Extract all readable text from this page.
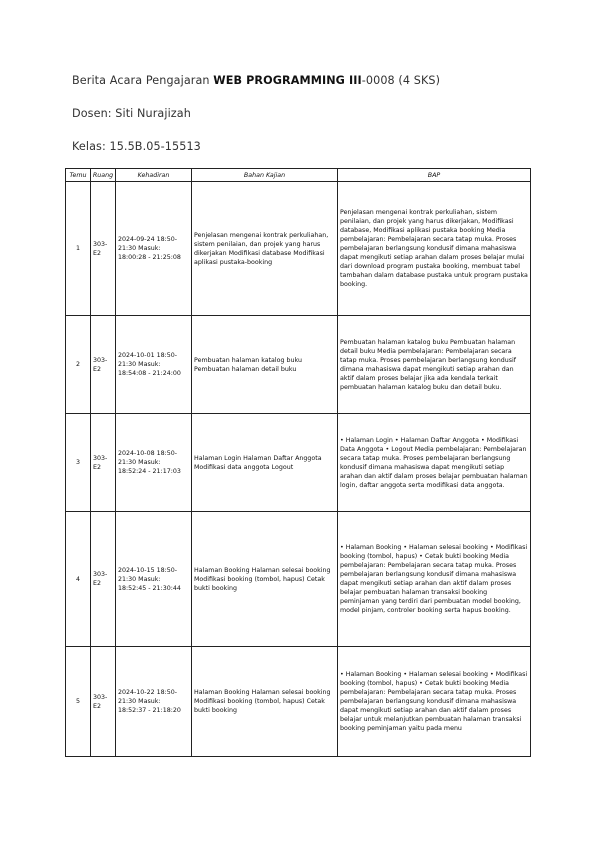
Berita Acara Pengajaran WEB PROGRAMMING III-0008 (4 SKS)
Dosen: Siti Nurajizah
Kelas: 15.5B.05-15513
Temu	Ruang	Kehadiran	Bahan Kajian	BAP
1	303-E2	2024-09-24 18:50-21:30 Masuk: 18:00:28 - 21:25:08	Penjelasan mengenai kontrak perkuliahan, sistem penilaian, dan projek yang harus dikerjakan Modifikasi database Modifikasi aplikasi pustaka-booking	Penjelasan mengenai kontrak perkuliahan, sistem penilaian, dan projek yang harus dikerjakan, Modifikasi database, Modifikasi aplikasi pustaka booking Media pembelajaran: Pembelajaran secara tatap muka. Proses pembelajaran berlangsung kondusif dimana mahasiswa dapat mengikuti setiap arahan dalam proses belajar mulai dari download program pustaka booking, membuat tabel tambahan dalam database pustaka untuk program pustaka booking.
2	303-E2	2024-10-01 18:50-21:30 Masuk: 18:54:08 - 21:24:00	Pembuatan halaman katalog buku Pembuatan halaman detail buku	Pembuatan halaman katalog buku Pembuatan halaman detail buku Media pembelajaran: Pembelajaran secara tatap muka. Proses pembelajaran berlangsung kondusif dimana mahasiswa dapat mengikuti setiap arahan dan aktif dalam proses belajar jika ada kendala terkait pembuatan halaman katalog buku dan detail buku.
3	303-E2	2024-10-08 18:50-21:30 Masuk: 18:52:24 - 21:17:03	Halaman Login Halaman Daftar Anggota Modifikasi data anggota Logout	• Halaman Login • Halaman Daftar Anggota • Modifikasi Data Anggota • Logout Media pembelajaran: Pembelajaran secara tatap muka. Proses pembelajaran berlangsung kondusif dimana mahasiswa dapat mengikuti setiap arahan dan aktif dalam proses belajar pembuatan halaman login, daftar anggota serta modifikasi data anggota.
4	303-E2	2024-10-15 18:50-21:30 Masuk: 18:52:45 - 21:30:44	Halaman Booking Halaman selesai booking Modifikasi booking (tombol, hapus) Cetak bukti booking	• Halaman Booking • Halaman selesai booking • Modifikasi booking (tombol, hapus) • Cetak bukti booking Media pembelajaran: Pembelajaran secara tatap muka. Proses pembelajaran berlangsung kondusif dimana mahasiswa dapat mengikuti setiap arahan dan aktif dalam proses belajar pembuatan halaman transaksi booking peminjaman yang terdiri dari pembuatan model booking, model pinjam, controler booking serta hapus booking.
5	303-E2	2024-10-22 18:50-21:30 Masuk: 18:52:37 - 21:18:20	Halaman Booking Halaman selesai booking Modifikasi booking (tombol, hapus) Cetak bukti booking	• Halaman Booking • Halaman selesai booking • Modifikasi booking (tombol, hapus) • Cetak bukti booking Media pembelajaran: Pembelajaran secara tatap muka. Proses pembelajaran berlangsung kondusif dimana mahasiswa dapat mengikuti setiap arahan dan aktif dalam proses belajar untuk melanjutkan pembuatan halaman transaksi booking peminjaman yaitu pada menu
